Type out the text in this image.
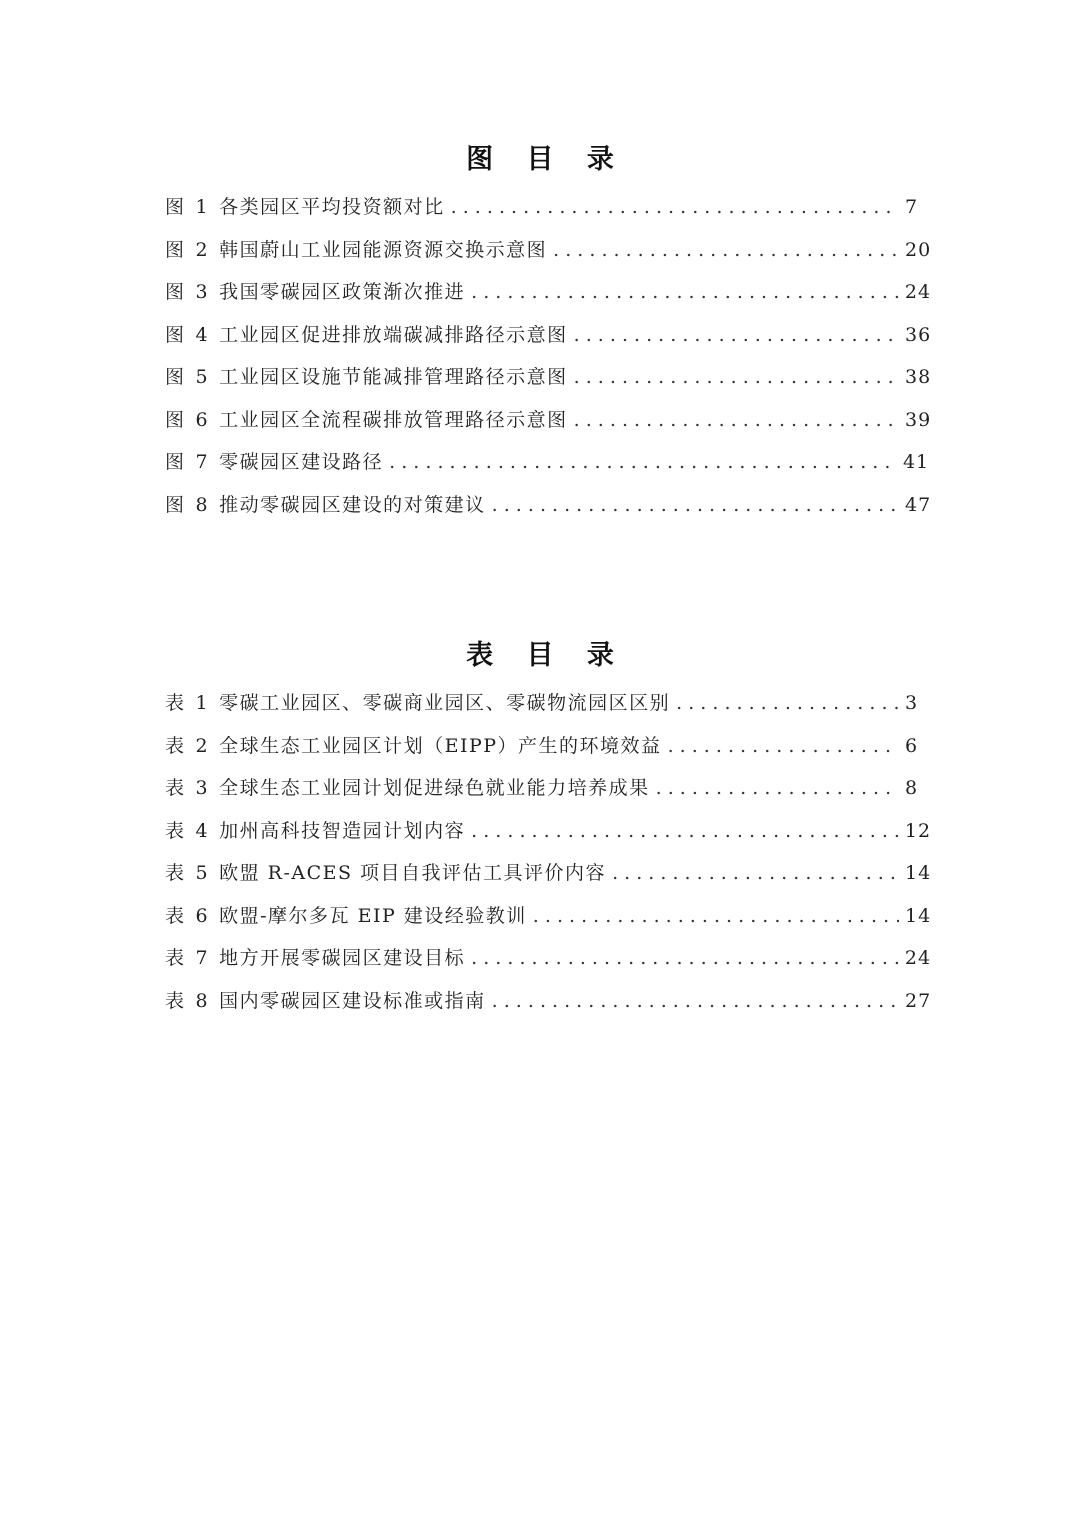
图 目 录
图 1 各类园区平均投资额对比 . . .	7
图 2 韩国蔚山工业园能源资源交换示意图 . . .	20
图 3 我国零碳园区政策渐次推进 . . .	24
图 4 工业园区促进排放端碳减排路径示意图 . . .	36
图 5 工业园区设施节能减排管理路径示意图 . . .	38
图 6 工业园区全流程碳排放管理路径示意图 . . .	39
图 7 零碳园区建设路径 . . .	41
图 8 推动零碳园区建设的对策建议 . . .	47
表 目 录
表 1 零碳工业园区、零碳商业园区、零碳物流园区区别 . . .	3
表 2 全球生态工业园区计划（EIPP）产生的环境效益 . . .	6
表 3 全球生态工业园计划促进绿色就业能力培养成果 . . .	8
表 4 加州高科技智造园计划内容 . . .	12
表 5 欧盟 R-ACES 项目自我评估工具评价内容 . . .	14
表 6 欧盟-摩尔多瓦 EIP 建设经验教训 . . .	14
表 7 地方开展零碳园区建设目标 . . .	24
表 8 国内零碳园区建设标准或指南 . . .	27
